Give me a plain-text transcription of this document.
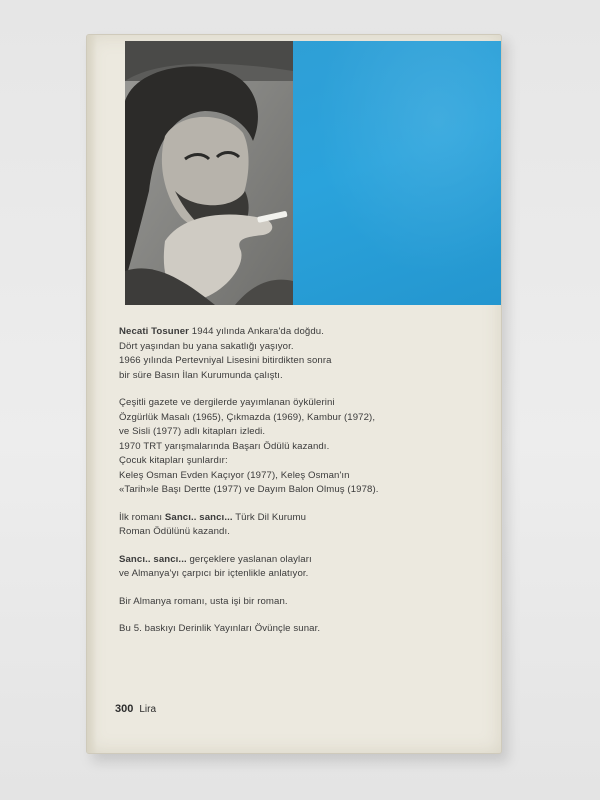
Necati Tosuner 1944 yılında Ankara'da doğdu.
Dört yaşından bu yana sakatlığı yaşıyor.
1966 yılında Pertevniyal Lisesini bitirdikten sonra
bir süre Basın İlan Kurumunda çalıştı.
Çeşitli gazete ve dergilerde yayımlanan öykülerini
Özgürlük Masalı (1965), Çıkmazda (1969), Kambur (1972),
ve Sisli (1977) adlı kitapları izledi.
1970 TRT yarışmalarında Başarı Ödülü kazandı.
Çocuk kitapları şunlardır:
Keleş Osman Evden Kaçıyor (1977), Keleş Osman'ın
«Tarih»le Başı Dertte (1977) ve Dayım Balon Olmuş (1978).
İlk romanı Sancı.. sancı... Türk Dil Kurumu
Roman Ödülünü kazandı.
Sancı.. sancı... gerçeklere yaslanan olayları
ve Almanya'yı çarpıcı bir içtenlikle anlatıyor.
Bir Almanya romanı, usta işi bir roman.
Bu 5. baskıyı Derinlik Yayınları Övünçle sunar.
300 Lira
